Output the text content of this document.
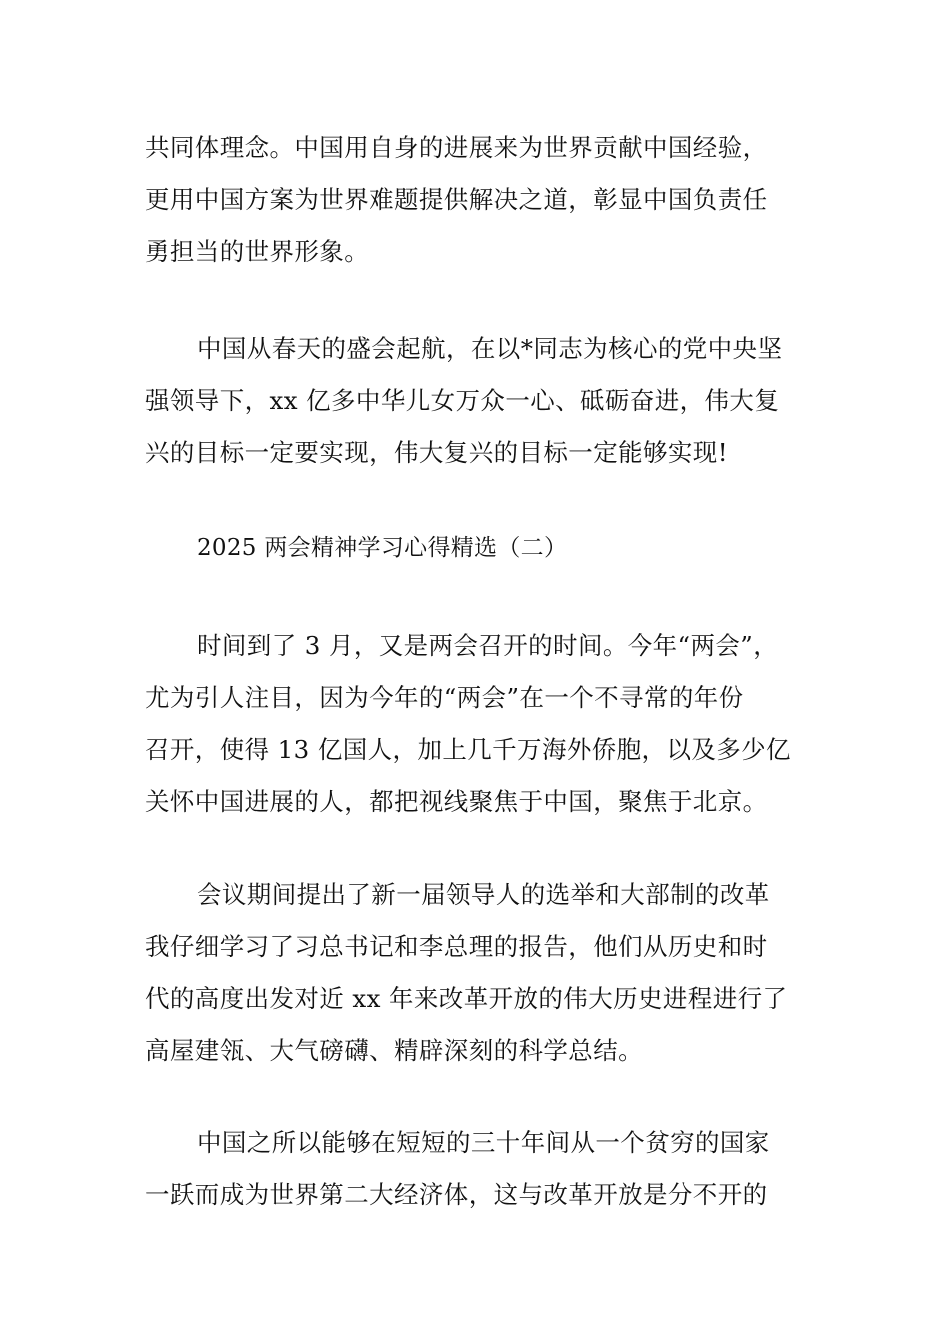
共同体理念。中国用自身的进展来为世界贡献中国经验，
更用中国方案为世界难题提供解决之道，彰显中国负责任
勇担当的世界形象。
中国从春天的盛会起航，在以*同志为核心的党中央坚
强领导下，xx 亿多中华儿女万众一心、砥砺奋进，伟大复
兴的目标一定要实现，伟大复兴的目标一定能够实现!
2025 两会精神学习心得精选（二）
时间到了 3 月，又是两会召开的时间。今年“两会”，
尤为引人注目，因为今年的“两会”在一个不寻常的年份
召开，使得 13 亿国人，加上几千万海外侨胞，以及多少亿
关怀中国进展的人，都把视线聚焦于中国，聚焦于北京。
会议期间提出了新一届领导人的选举和大部制的改革
我仔细学习了习总书记和李总理的报告，他们从历史和时
代的高度出发对近 xx 年来改革开放的伟大历史进程进行了
高屋建瓴、大气磅礴、精辟深刻的科学总结。
中国之所以能够在短短的三十年间从一个贫穷的国家
一跃而成为世界第二大经济体，这与改革开放是分不开的
